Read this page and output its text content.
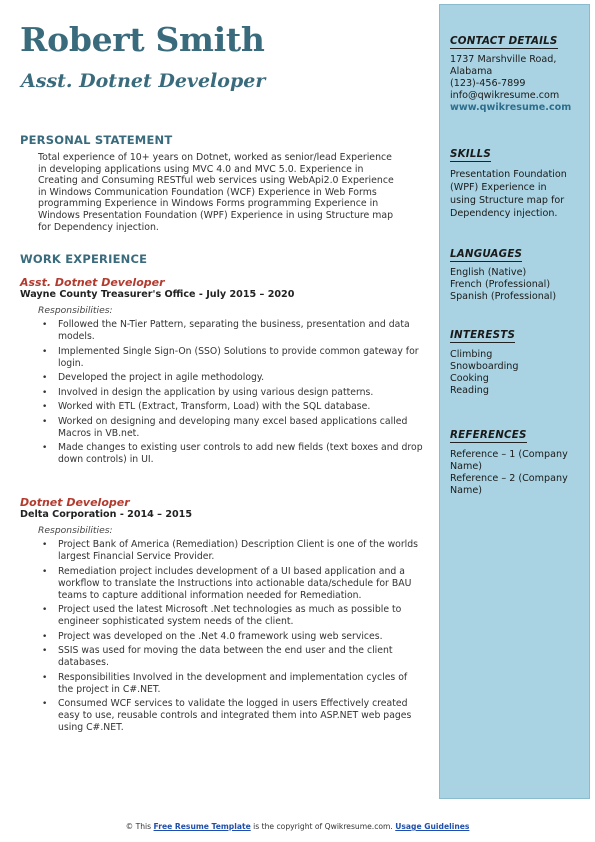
Robert Smith
Asst. Dotnet Developer
PERSONAL STATEMENT
Total experience of 10+ years on Dotnet, worked as senior/lead Experience
in developing applications using MVC 4.0 and MVC 5.0. Experience in
Creating and Consuming RESTful web services using WebApi2.0 Experience
in Windows Communication Foundation (WCF) Experience in Web Forms
programming Experience in Windows Forms programming Experience in
Windows Presentation Foundation (WPF) Experience in using Structure map
for Dependency injection.
WORK EXPERIENCE
Asst. Dotnet Developer
Wayne County Treasurer's Office - July 2015 – 2020
Responsibilities:
• Followed the N-Tier Pattern, separating the business, presentation and data models.
• Implemented Single Sign-On (SSO) Solutions to provide common gateway for login.
• Developed the project in agile methodology.
• Involved in design the application by using various design patterns.
• Worked with ETL (Extract, Transform, Load) with the SQL database.
• Worked on designing and developing many excel based applications called Macros in VB.net.
• Made changes to existing user controls to add new fields (text boxes and drop down controls) in UI.
Dotnet Developer
Delta Corporation - 2014 – 2015
Responsibilities:
• Project Bank of America (Remediation) Description Client is one of the worlds largest Financial Service Provider.
• Remediation project includes development of a UI based application and a workflow to translate the Instructions into actionable data/schedule for BAU teams to capture additional information needed for Remediation.
• Project used the latest Microsoft .Net technologies as much as possible to engineer sophisticated system needs of the client.
• Project was developed on the .Net 4.0 framework using web services.
• SSIS was used for moving the data between the end user and the client databases.
• Responsibilities Involved in the development and implementation cycles of the project in C#.NET.
• Consumed WCF services to validate the logged in users Effectively created easy to use, reusable controls and integrated them into ASP.NET web pages using C#.NET.
CONTACT DETAILS
1737 Marshville Road,
Alabama
(123)-456-7899
info@qwikresume.com
www.qwikresume.com
SKILLS
Presentation Foundation
(WPF) Experience in
using Structure map for
Dependency injection.
LANGUAGES
English (Native)
French (Professional)
Spanish (Professional)
INTERESTS
Climbing
Snowboarding
Cooking
Reading
REFERENCES
Reference – 1 (Company
Name)
Reference – 2 (Company
Name)
© This Free Resume Template is the copyright of Qwikresume.com. Usage Guidelines
